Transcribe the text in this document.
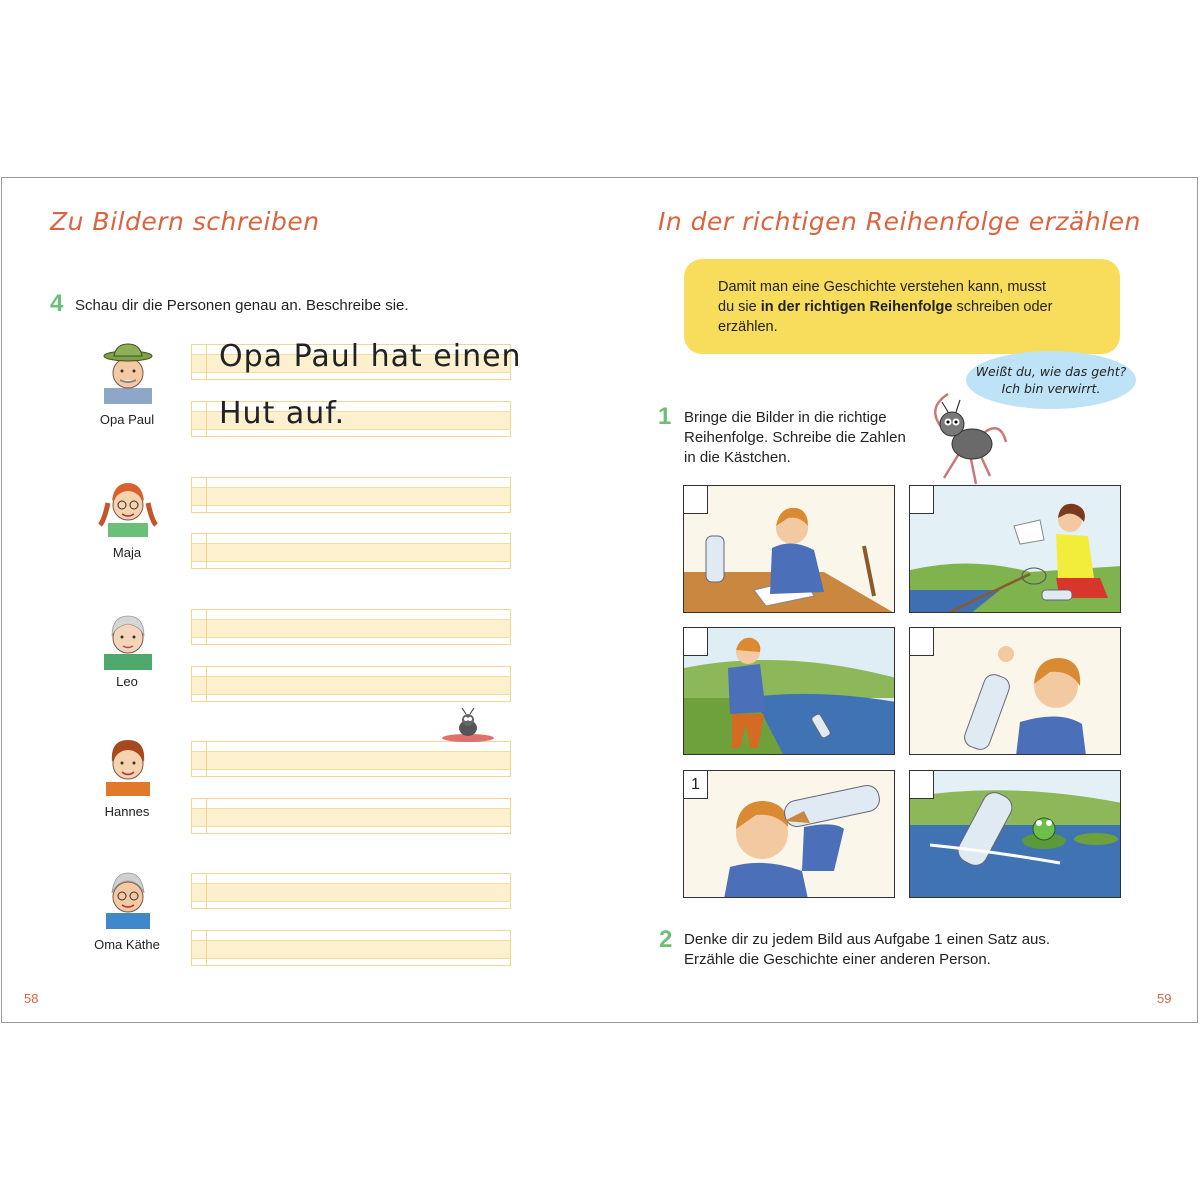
Zu Bildern schreiben
4 Schau dir die Personen genau an. Beschreibe sie.
Opa Paul
Maja
Leo
Hannes
Oma Käthe
Opa Paul hat einen
Hut auf.
58
In der richtigen Reihenfolge erzählen
Damit man eine Geschichte verstehen kann, musst
du sie in der richtigen Reihenfolge schreiben oder
erzählen.
Weißt du, wie das geht?
Ich bin verwirrt.
1 Bringe die Bilder in die richtige
Reihenfolge. Schreibe die Zahlen
in die Kästchen.
1
2 Denke dir zu jedem Bild aus Aufgabe 1 einen Satz aus.
Erzähle die Geschichte einer anderen Person.
59
